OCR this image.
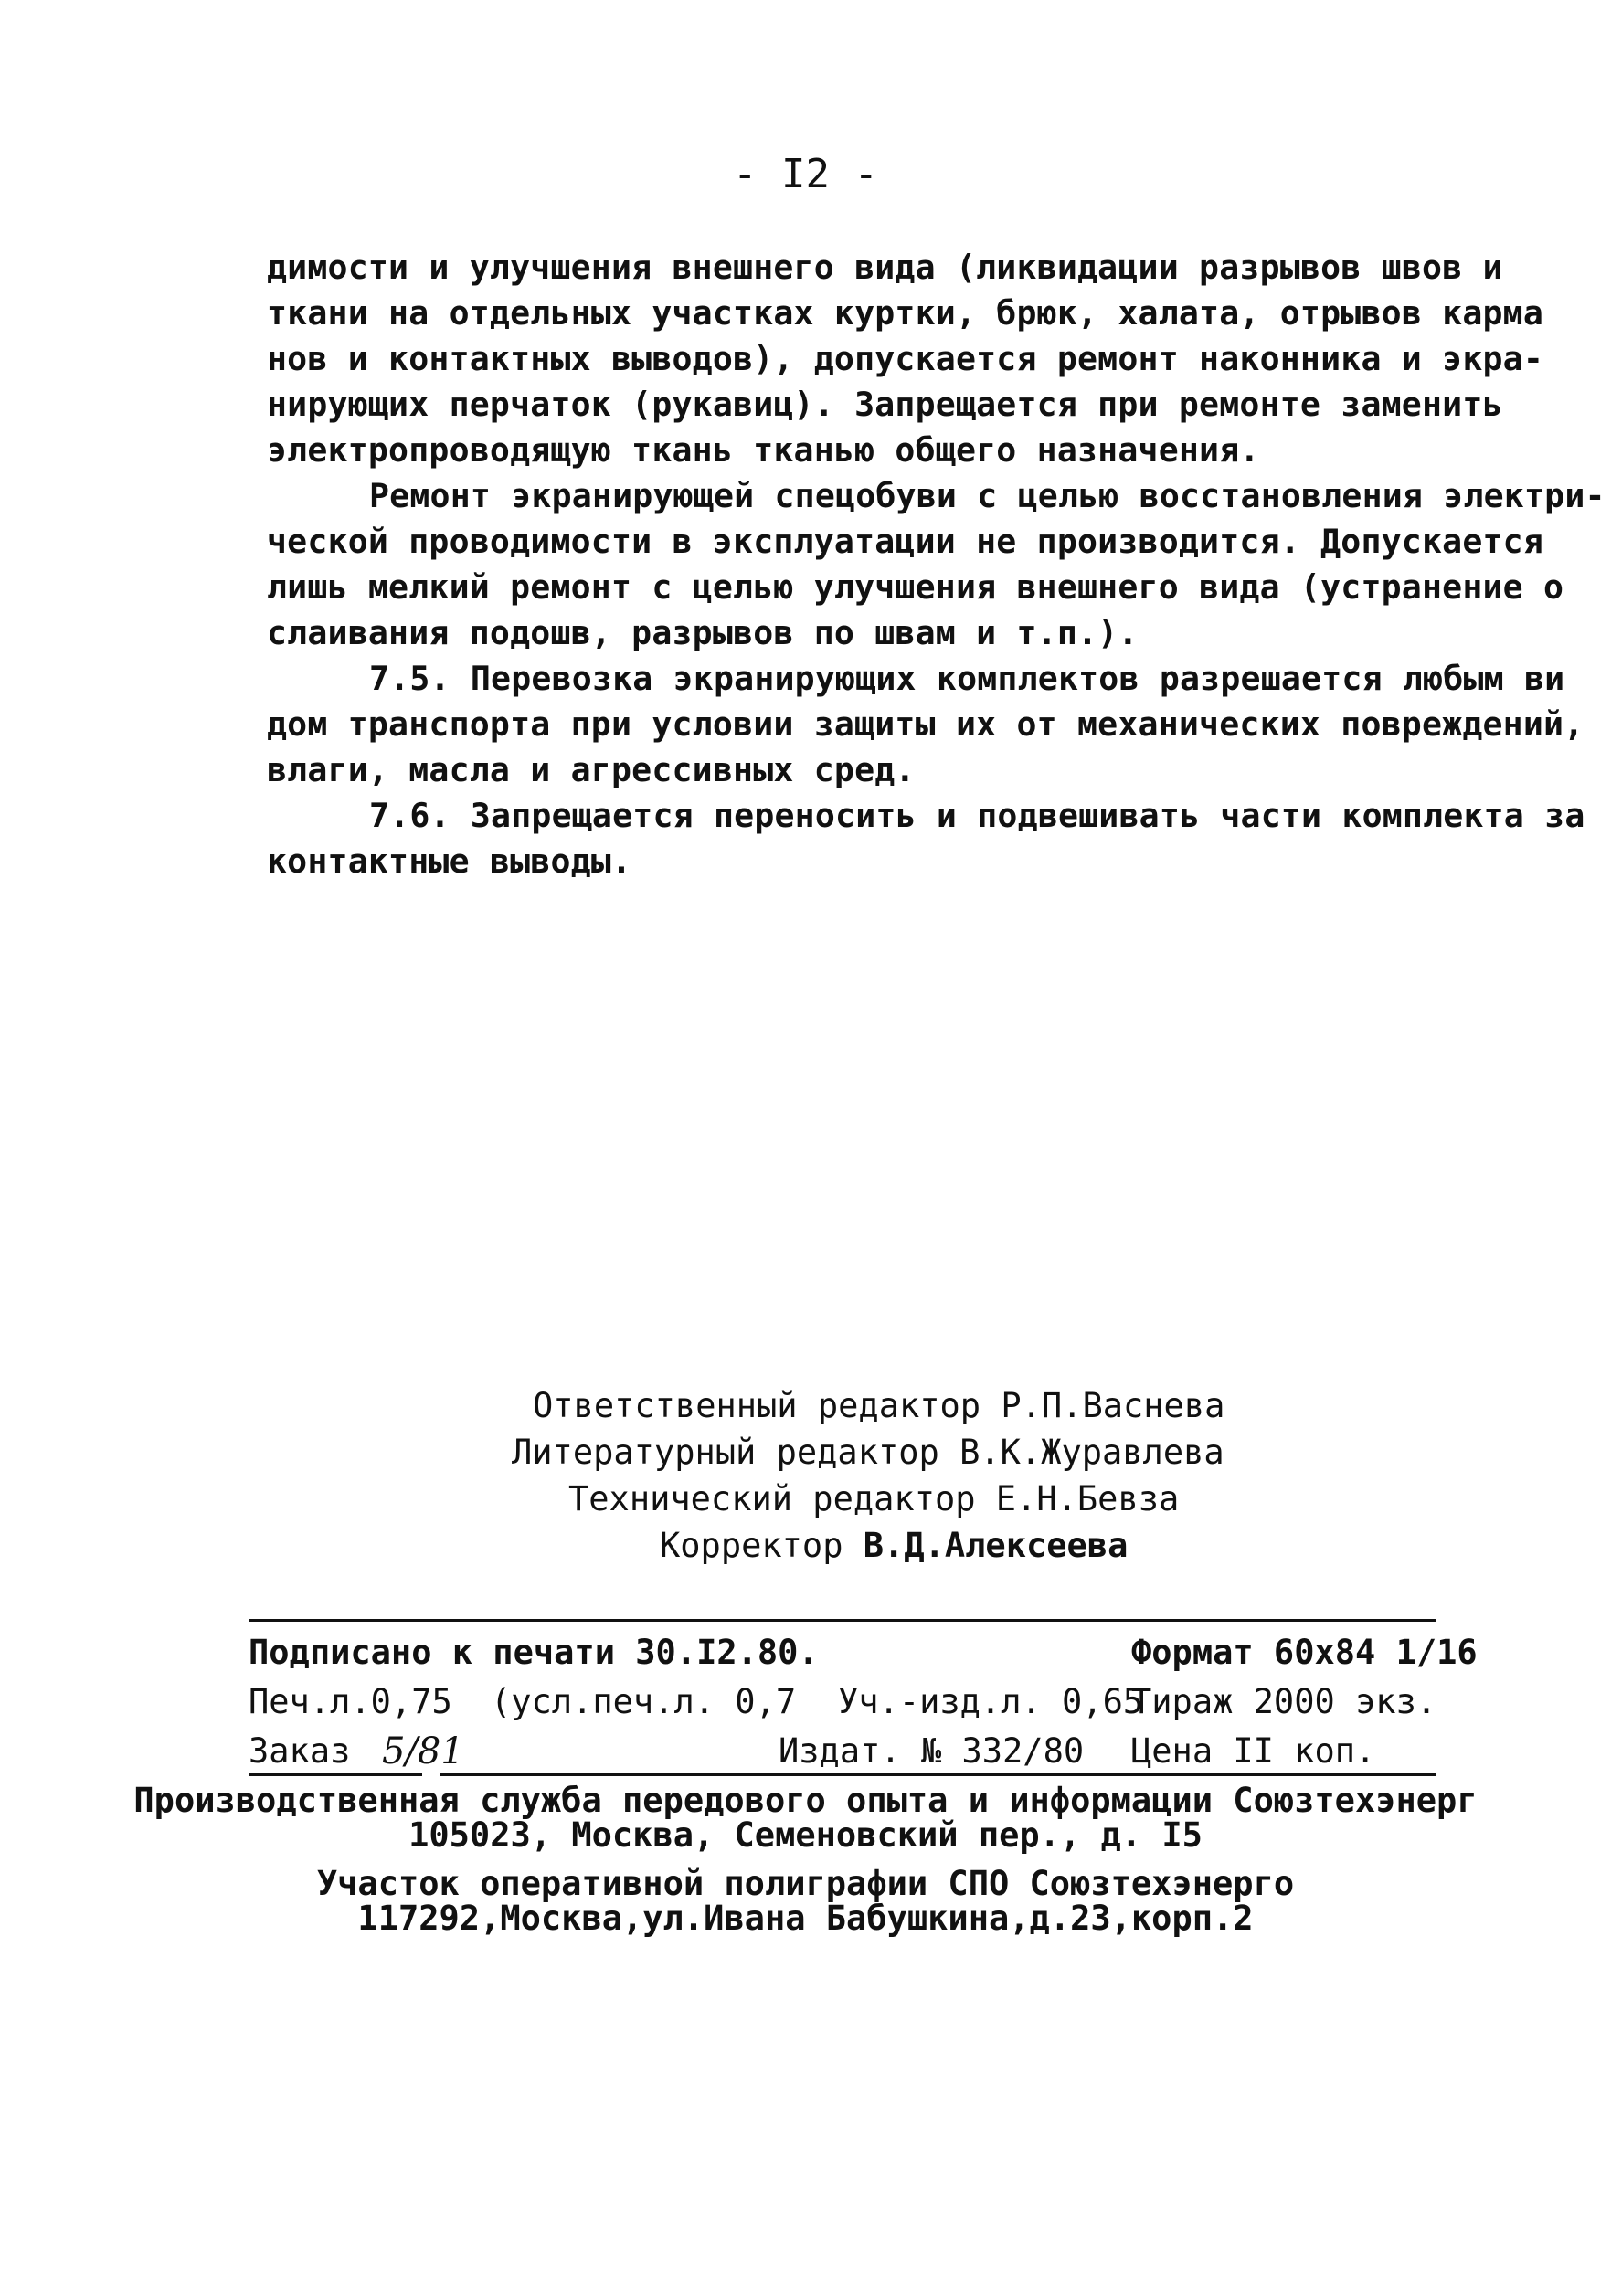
- I2 -
димости и улучшения внешнего вида (ликвидации разрывов швов и
ткани на отдельных участках куртки, брюк, халата, отрывов карма
нов и контактных выводов), допускается ремонт наконника и экра-
нирующих перчаток (рукавиц). Запрещается при ремонте заменить
электропроводящую ткань тканью общего назначения.
Ремонт экранирующей спецобуви с целью восстановления электри-
ческой проводимости в эксплуатации не производится. Допускается
лишь мелкий ремонт с целью улучшения внешнего вида (устранение о
слаивания подошв, разрывов по швам и т.п.).
7.5. Перевозка экранирующих комплектов разрешается любым ви
дом транспорта при условии защиты их от механических повреждений,
влаги, масла и агрессивных сред.
7.6. Запрещается переносить и подвешивать части комплекта за
контактные выводы.
Ответственный редактор Р.П.Васнева
Литературный редактор В.К.Журавлева
Технический редактор Е.Н.Бевза
Корректор В.Д.Алексеева
Подписано к печати 30.I2.80.	Формат 60x84 1/16
Печ.л.0,75 (усл.печ.л. 0,7 Уч.-изд.л. 0,65
Тираж 2000 экз.
Заказ 5/81	Издат. № 332/80 Цена II коп.
Производственная служба передового опыта и информации Союзтехэнерг
105023, Москва, Семеновский пер., д. I5
Участок оперативной полиграфии СПО Союзтехэнерго
117292,Москва,ул.Ивана Бабушкина,д.23,корп.2
